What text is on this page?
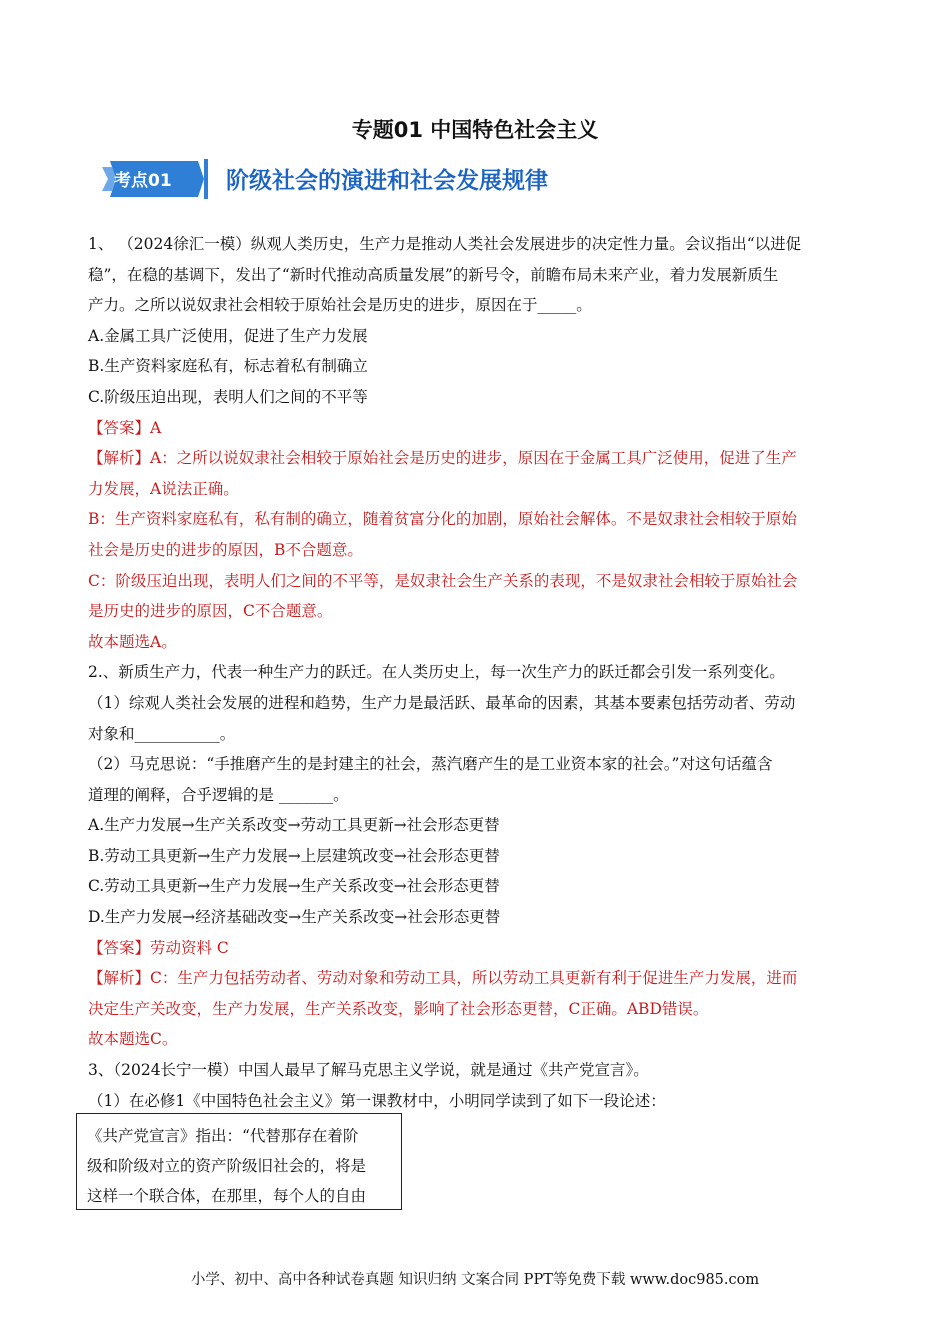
专题01 中国特色社会主义
考点01 阶级社会的演进和社会发展规律

1、 （2024徐汇一模）纵观人类历史，生产力是推动人类社会发展进步的决定性力量。会议指出“以进促

稳”，在稳的基调下，发出了“新时代推动高质量发展”的新号令，前瞻布局未来产业，着力发展新质生

产力。之所以说奴隶社会相较于原始社会是历史的进步，原因在于_____。

A.金属工具广泛使用，促进了生产力发展

B.生产资料家庭私有，标志着私有制确立

C.阶级压迫出现，表明人们之间的不平等

【答案】A

【解析】A：之所以说奴隶社会相较于原始社会是历史的进步，原因在于金属工具广泛使用，促进了生产

力发展，A说法正确。

B：生产资料家庭私有，私有制的确立，随着贫富分化的加剧，原始社会解体。不是奴隶社会相较于原始

社会是历史的进步的原因，B不合题意。

C：阶级压迫出现，表明人们之间的不平等，是奴隶社会生产关系的表现，不是奴隶社会相较于原始社会

是历史的进步的原因，C不合题意。

故本题选A。

2.、新质生产力，代表一种生产力的跃迁。在人类历史上，每一次生产力的跃迁都会引发一系列变化。

（1）综观人类社会发展的进程和趋势，生产力是最活跃、最革命的因素，其基本要素包括劳动者、劳动

对象和___________。

（2）马克思说：“手推磨产生的是封建主的社会，蒸汽磨产生的是工业资本家的社会。”对这句话蕴含

道理的阐释，合乎逻辑的是 _______。

A.生产力发展→生产关系改变→劳动工具更新→社会形态更替

B.劳动工具更新→生产力发展→上层建筑改变→社会形态更替

C.劳动工具更新→生产力发展→生产关系改变→社会形态更替

D.生产力发展→经济基础改变→生产关系改变→社会形态更替

【答案】劳动资料 C

【解析】C：生产力包括劳动者、劳动对象和劳动工具，所以劳动工具更新有利于促进生产力发展，进而

决定生产关改变，生产力发展，生产关系改变，影响了社会形态更替，C正确。ABD错误。

故本题选C。

3、（2024长宁一模）中国人最早了解马克思主义学说，就是通过《共产党宣言》。

（1）在必修1《中国特色社会主义》第一课教材中，小明同学读到了如下一段论述：

《共产党宣言》指出：“代替那存在着阶
级和阶级对立的资产阶级旧社会的，将是
这样一个联合体，在那里，每个人的自由
小学、初中、高中各种试卷真题 知识归纳 文案合同 PPT等免费下载 www.doc985.com
